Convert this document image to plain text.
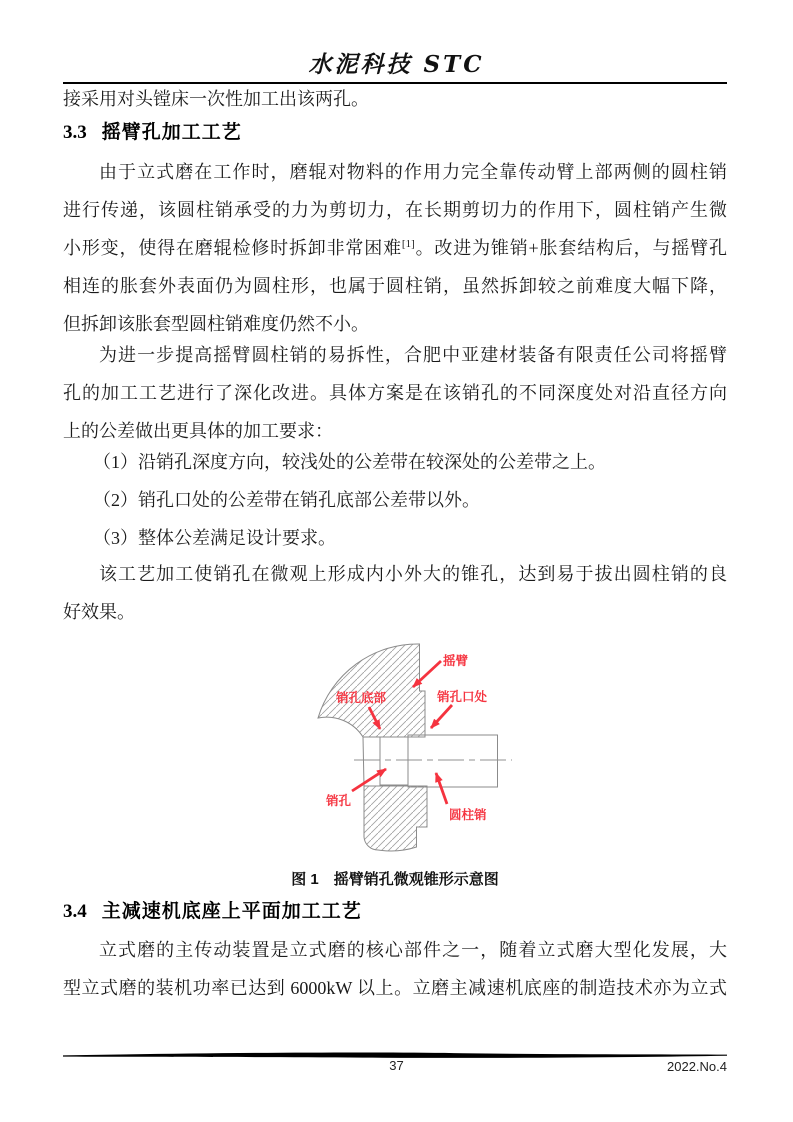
水泥科技 STC
接采用对头镗床一次性加工出该两孔。
3.3 摇臂孔加工工艺
由于立式磨在工作时，磨辊对物料的作用力完全靠传动臂上部两侧的圆柱销
进行传递，该圆柱销承受的力为剪切力，在长期剪切力的作用下，圆柱销产生微
小形变，使得在磨辊检修时拆卸非常困难[1]。改进为锥销+胀套结构后，与摇臂孔
相连的胀套外表面仍为圆柱形，也属于圆柱销，虽然拆卸较之前难度大幅下降，
但拆卸该胀套型圆柱销难度仍然不小。
为进一步提高摇臂圆柱销的易拆性，合肥中亚建材装备有限责任公司将摇臂
孔的加工工艺进行了深化改进。具体方案是在该销孔的不同深度处对沿直径方向
上的公差做出更具体的加工要求：
（1）沿销孔深度方向，较浅处的公差带在较深处的公差带之上。
（2）销孔口处的公差带在销孔底部公差带以外。
（3）整体公差满足设计要求。
该工艺加工使销孔在微观上形成内小外大的锥孔，达到易于拔出圆柱销的良
好效果。
摇臂
销孔口处
销孔底部
销孔
圆柱销
图 1　摇臂销孔微观锥形示意图
3.4 主减速机底座上平面加工工艺
立式磨的主传动装置是立式磨的核心部件之一，随着立式磨大型化发展，大
型立式磨的装机功率已达到 6000kW 以上。立磨主减速机底座的制造技术亦为立式
37	2022.No.4
